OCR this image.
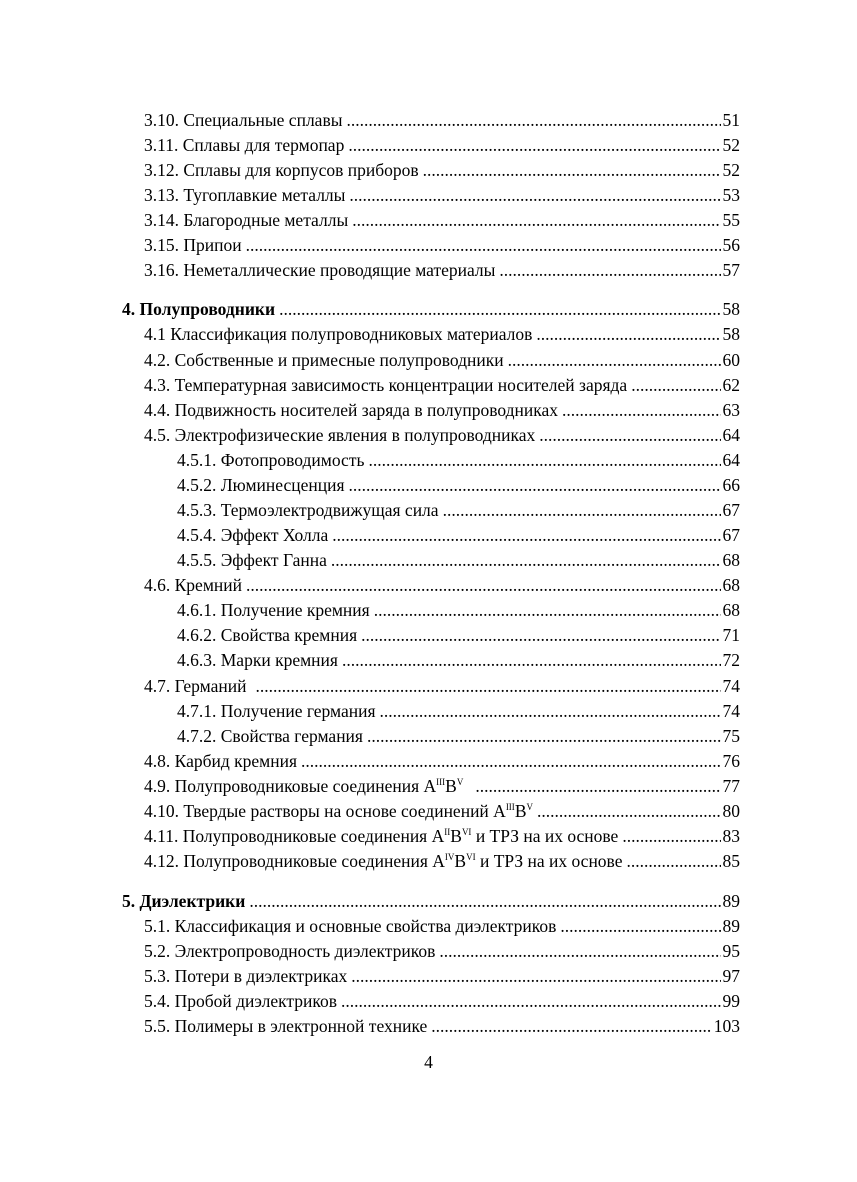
3.10. Специальные сплавы .....	51
3.11. Сплавы для термопар .....	52
3.12. Сплавы для корпусов приборов .....	52
3.13. Тугоплавкие металлы .....	53
3.14. Благородные металлы .....	55
3.15. Припои .....	56
3.16. Неметаллические проводящие материалы .....	57
4. Полупроводники .....	58
4.1 Классификация полупроводниковых материалов .....	58
4.2. Собственные и примесные полупроводники .....	60
4.3. Температурная зависимость концентрации носителей заряда .....	62
4.4. Подвижность носителей заряда в полупроводниках .....	63
4.5. Электрофизические явления в полупроводниках .....	64
4.5.1. Фотопроводимость .....	64
4.5.2. Люминесценция .....	66
4.5.3. Термоэлектродвижущая сила .....	67
4.5.4. Эффект Холла .....	67
4.5.5. Эффект Ганна .....	68
4.6. Кремний .....	68
4.6.1. Получение кремния .....	68
4.6.2. Свойства кремния .....	71
4.6.3. Марки кремния .....	72
4.7. Германий .....	74
4.7.1. Получение германия .....	74
4.7.2. Свойства германия .....	75
4.8. Карбид кремния .....	76
4.9. Полупроводниковые соединения $A^{III}B^V$ .....	77
4.10. Твердые растворы на основе соединений $A^{III}B^V$ .....	80
4.11. Полупроводниковые соединения $A^{II}B^{VI}$ и ТРЗ на их основе .....	83
4.12. Полупроводниковые соединения $A^{IV}B^{VI}$ и ТРЗ на их основе .....	85
5. Диэлектрики .....	89
5.1. Классификация и основные свойства диэлектриков .....	89
5.2. Электропроводность диэлектриков .....	95
5.3. Потери в диэлектриках .....	97
5.4. Пробой диэлектриков .....	99
5.5. Полимеры в электронной технике .....	103
4
